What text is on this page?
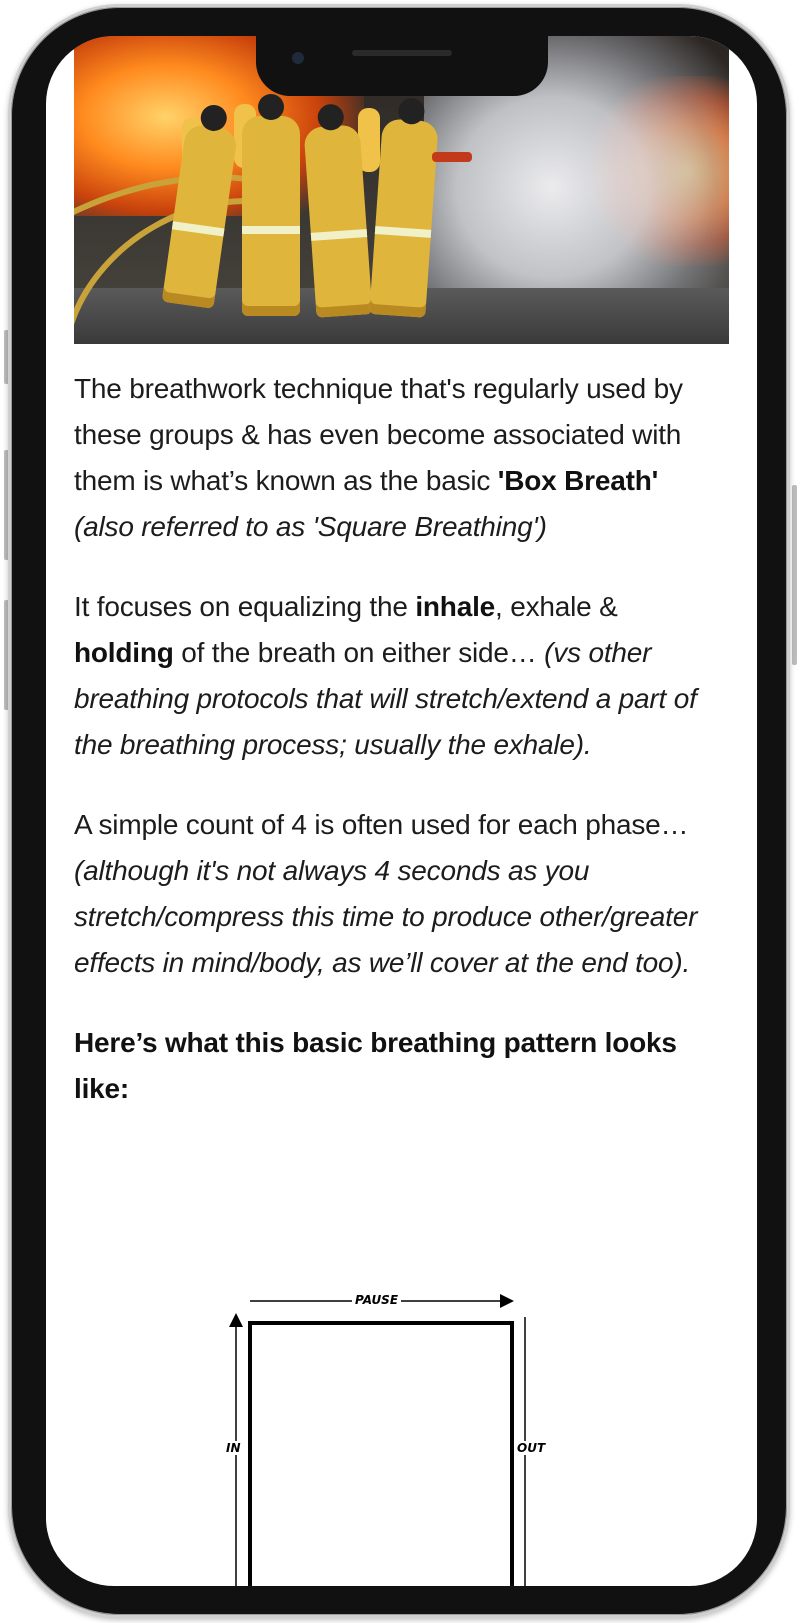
The breathwork technique that's regularly used by these groups & has even become associated with them is what’s known as the basic 'Box Breath' (also referred to as 'Square Breathing')

It focuses on equalizing the inhale, exhale & holding of the breath on either side… (vs other breathing protocols that will stretch/extend a part of the breathing process; usually the exhale).

A simple count of 4 is often used for each phase… (although it's not always 4 seconds as you stretch/compress this time to produce other/greater effects in mind/body, as we’ll cover at the end too).

Here’s what this basic breathing pattern looks like:
PAUSE
IN	OUT
